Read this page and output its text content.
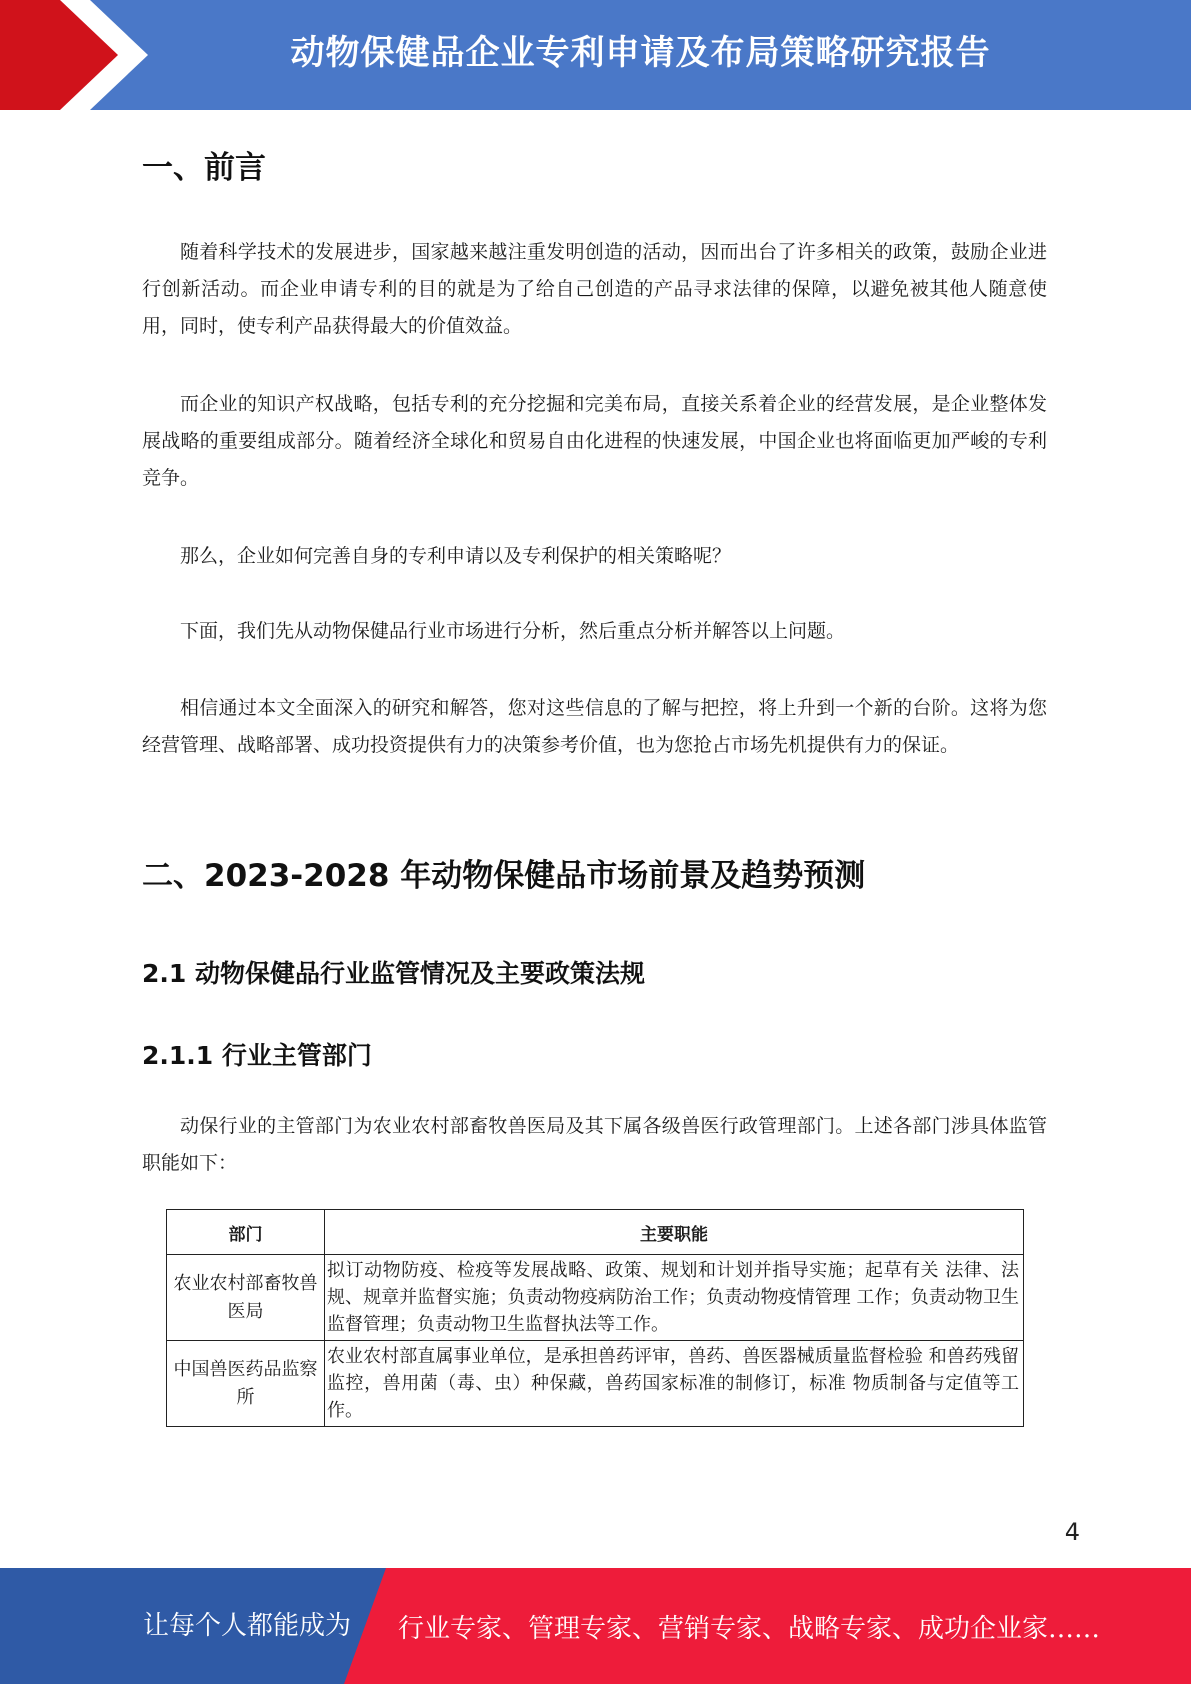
动物保健品企业专利申请及布局策略研究报告
一、前言

随着科学技术的发展进步，国家越来越注重发明创造的活动，因而出台了许多相关的政策，鼓励企业进行创新活动。而企业申请专利的目的就是为了给自己创造的产品寻求法律的保障，以避免被其他人随意使用，同时，使专利产品获得最大的价值效益。

而企业的知识产权战略，包括专利的充分挖掘和完美布局，直接关系着企业的经营发展，是企业整体发展战略的重要组成部分。随着经济全球化和贸易自由化进程的快速发展，中国企业也将面临更加严峻的专利竞争。

那么，企业如何完善自身的专利申请以及专利保护的相关策略呢？

下面，我们先从动物保健品行业市场进行分析，然后重点分析并解答以上问题。

相信通过本文全面深入的研究和解答，您对这些信息的了解与把控，将上升到一个新的台阶。这将为您经营管理、战略部署、成功投资提供有力的决策参考价值，也为您抢占市场先机提供有力的保证。

二、2023-2028 年动物保健品市场前景及趋势预测
2.1 动物保健品行业监管情况及主要政策法规
2.1.1 行业主管部门

动保行业的主管部门为农业农村部畜牧兽医局及其下属各级兽医行政管理部门。上述各部门涉具体监管职能如下：

部门	主要职能
农业农村部畜牧兽医局	拟订动物防疫、检疫等发展战略、政策、规划和计划并指导实施；起草有关 法律、法规、规章并监督实施；负责动物疫病防治工作；负责动物疫情管理 工作；负责动物卫生监督管理；负责动物卫生监督执法等工作。
中国兽医药品监察所	农业农村部直属事业单位，是承担兽药评审，兽药、兽医器械质量监督检验 和兽药残留监控，兽用菌（毒、虫）种保藏，兽药国家标准的制修订，标准 物质制备与定值等工作。
4
让每个人都能成为 行业专家、管理专家、营销专家、战略专家、成功企业家……
